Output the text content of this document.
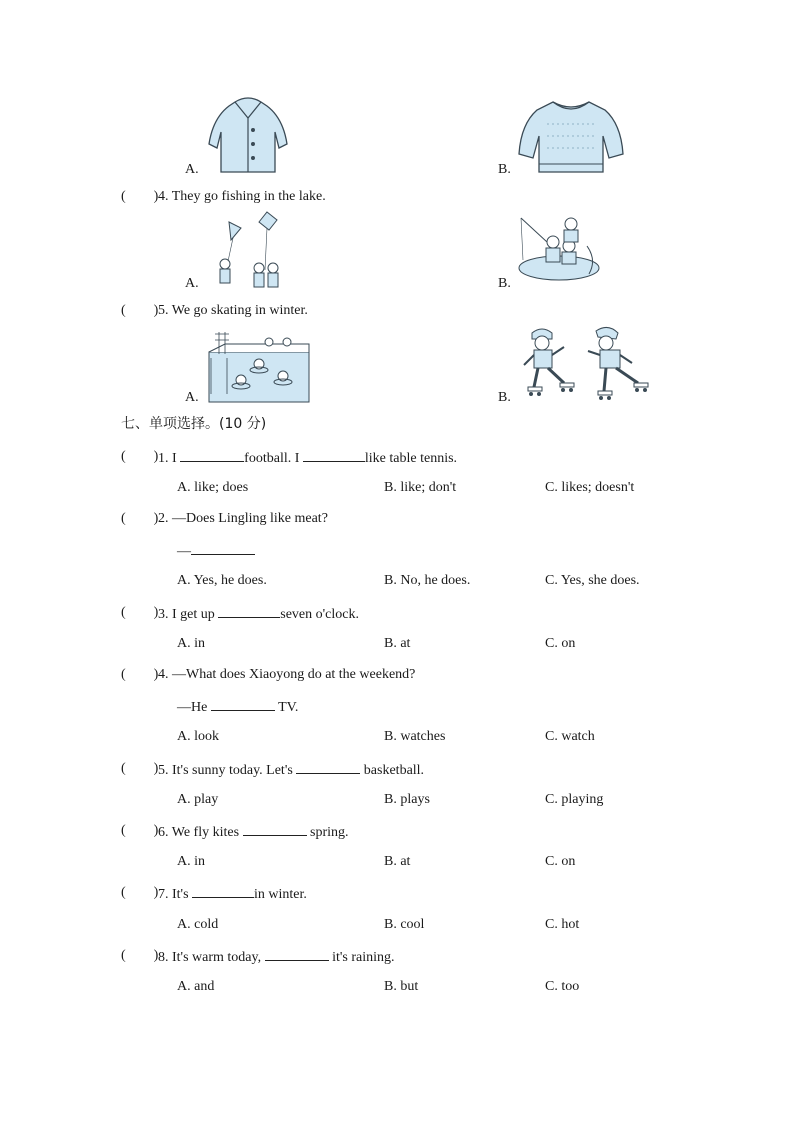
A.	B.
(        ) 4. They go fishing in the lake.
A.	B.
(        ) 5. We go skating in winter.
A.	B.
七、单项选择。(10 分)
(        ) 1. I	football. I	like table tennis.
A. like; does	B. like; don't	C. likes; doesn't
(        ) 2. —Does Lingling like meat?
—
A. Yes, he does.	B. No, he does.	C. Yes, she does.
(        ) 3. I get up	seven o'clock.
A. in	B. at	C. on
(        ) 4. —What does Xiaoyong do at the weekend?
—He	TV.
A. look	B. watches	C. watch
(        ) 5. It's sunny today. Let's	basketball.
A. play	B. plays	C. playing
(        ) 6. We fly kites	spring.
A. in	B. at	C. on
(        ) 7. It's	in winter.
A. cold	B. cool	C. hot
(        ) 8. It's warm today,	it's raining.
A. and	B. but	C. too
